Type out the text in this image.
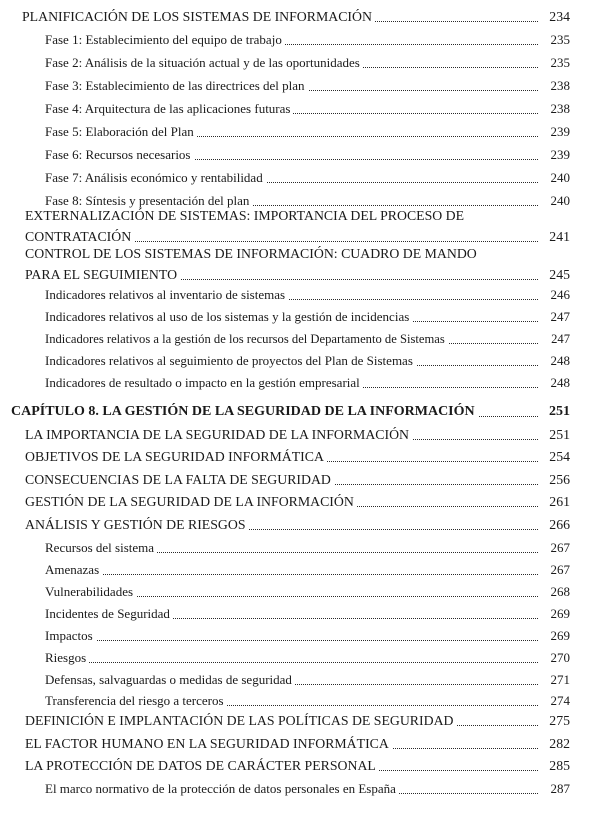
PLANIFICACIÓN DE LOS SISTEMAS DE INFORMACIÓN	234
Fase 1: Establecimiento del equipo de trabajo	235
Fase 2: Análisis de la situación actual y de las oportunidades	235
Fase 3: Establecimiento de las directrices del plan	238
Fase 4: Arquitectura de las aplicaciones futuras	238
Fase 5: Elaboración del Plan	239
Fase 6: Recursos necesarios	239
Fase 7: Análisis económico y rentabilidad	240
Fase 8: Síntesis y presentación del plan	240
EXTERNALIZACIÓN DE SISTEMAS: IMPORTANCIA DEL PROCESO DE
CONTRATACIÓN	241
CONTROL DE LOS SISTEMAS DE INFORMACIÓN: CUADRO DE MANDO
PARA EL SEGUIMIENTO	245
Indicadores relativos al inventario de sistemas	246
Indicadores relativos al uso de los sistemas y la gestión de incidencias	247
Indicadores relativos a la gestión de los recursos del Departamento de Sistemas	247
Indicadores relativos al seguimiento de proyectos del Plan de Sistemas	248
Indicadores de resultado o impacto en la gestión empresarial	248
CAPÍTULO 8. LA GESTIÓN DE LA SEGURIDAD DE LA INFORMACIÓN	251
LA IMPORTANCIA DE LA SEGURIDAD DE LA INFORMACIÓN	251
OBJETIVOS DE LA SEGURIDAD INFORMÁTICA	254
CONSECUENCIAS DE LA FALTA DE SEGURIDAD	256
GESTIÓN DE LA SEGURIDAD DE LA INFORMACIÓN	261
ANÁLISIS Y GESTIÓN DE RIESGOS	266
Recursos del sistema	267
Amenazas	267
Vulnerabilidades	268
Incidentes de Seguridad	269
Impactos	269
Riesgos	270
Defensas, salvaguardas o medidas de seguridad	271
Transferencia del riesgo a terceros	274
DEFINICIÓN E IMPLANTACIÓN DE LAS POLÍTICAS DE SEGURIDAD	275
EL FACTOR HUMANO EN LA SEGURIDAD INFORMÁTICA	282
LA PROTECCIÓN DE DATOS DE CARÁCTER PERSONAL	285
El marco normativo de la protección de datos personales en España	287
